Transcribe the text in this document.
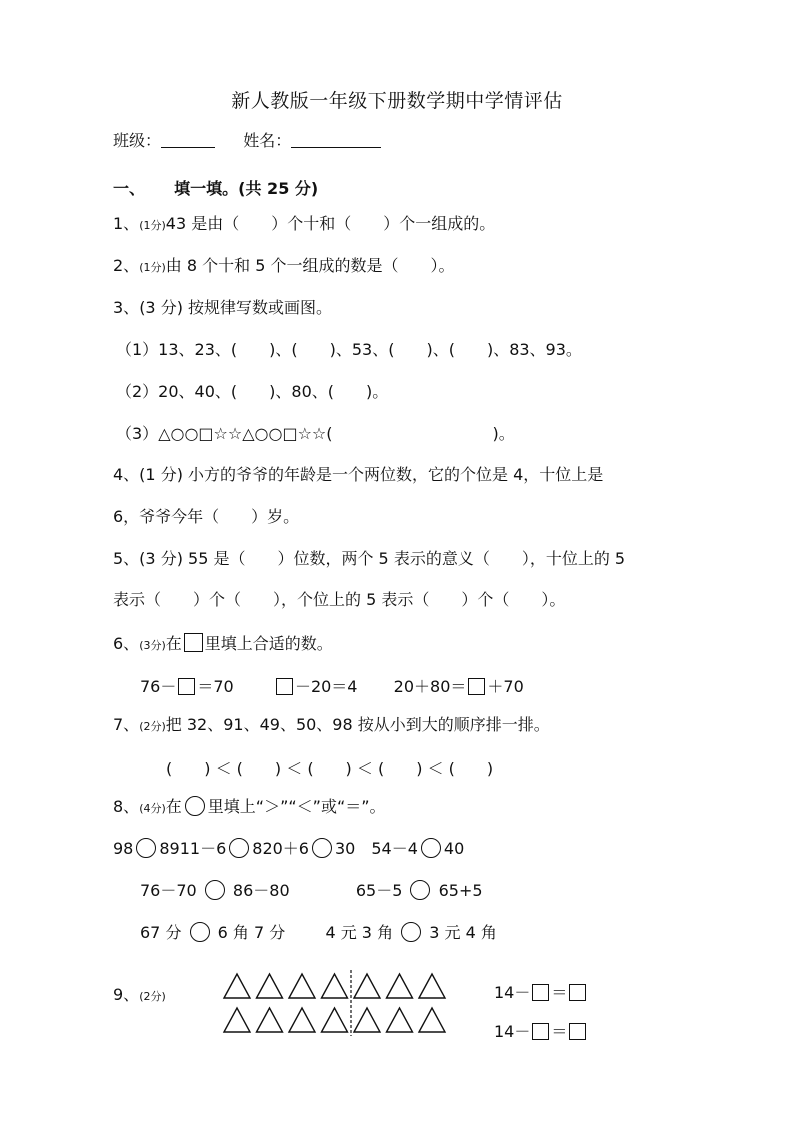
新人教版一年级下册数学期中学情评估
班级：	姓名：
一、 填一填。(共 25 分)
1、(1分)43 是由（　　）个十和（　　）个一组成的。
2、(1分)由 8 个十和 5 个一组成的数是（　　）。
3、(3 分) 按规律写数或画图。
（1）13、23、(　　)、(　　)、53、(　　)、(　　)、83、93。
（2）20、40、(　　)、80、(　　)。
（3）△○○□☆☆△○○□☆☆(　　　　　　　　　　)。
4、(1 分) 小方的爷爷的年龄是一个两位数，它的个位是 4，十位上是
6，爷爷今年（　　）岁。
5、(3 分) 55 是（　　）位数，两个 5 表示的意义（　　），十位上的 5
表示（　　）个（　　），个位上的 5 表示（　　）个（　　）。
6、(3分)在 里填上合适的数。
76－ ＝70	－20＝4 20＋80＝ ＋70
7、(2分)把 32、91、49、50、98 按从小到大的顺序排一排。
(　　) ＜ (　　) ＜ (　　) ＜ (　　) ＜ (　　)
8、(4分)在 里填上“＞”“＜”或“＝”。
98 8911－6 820＋6 30　54－4 40
76－70 86－80	65－5 65+5
67 分 6 角 7 分	4 元 3 角 3 元 4 角
9、(2分)	14－ ＝
14－ ＝
